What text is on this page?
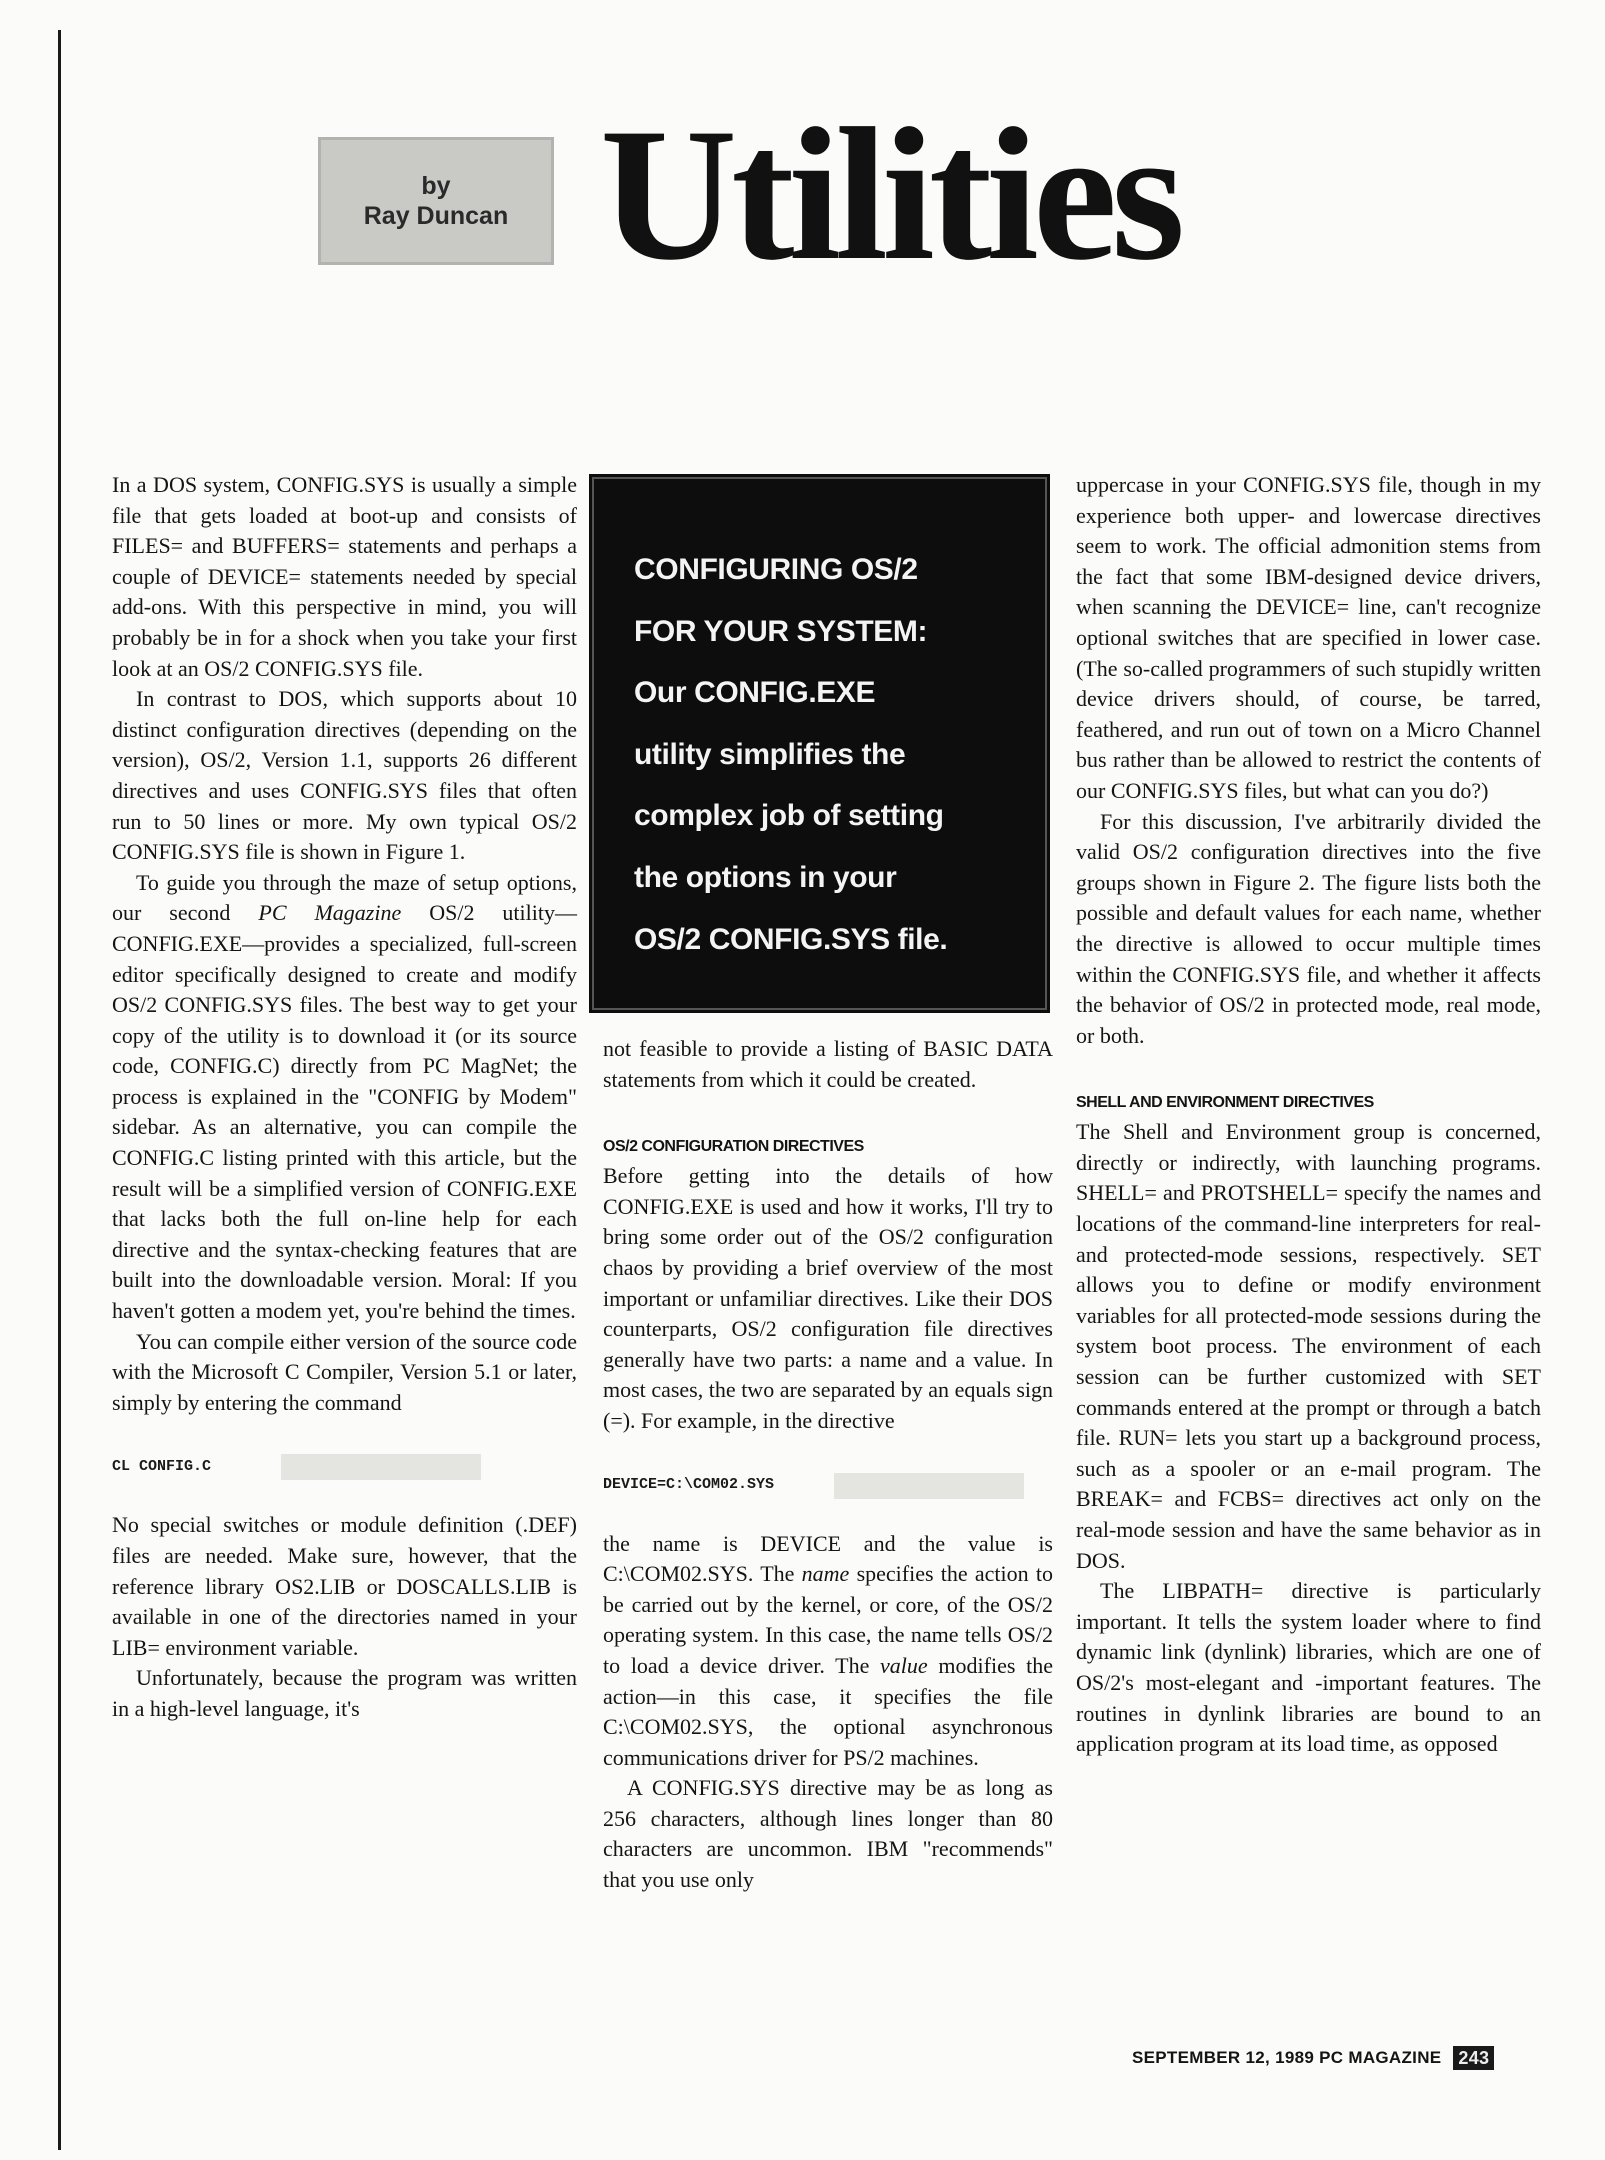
by
Ray Duncan Utilities

In a DOS system, CONFIG.SYS is usually a simple file that gets loaded at boot-up and consists of FILES= and BUFFERS= statements and perhaps a couple of DEVICE= statements needed by special add-ons. With this perspective in mind, you will probably be in for a shock when you take your first look at an OS/2 CONFIG.SYS file.

In contrast to DOS, which supports about 10 distinct configuration directives (depending on the version), OS/2, Version 1.1, supports 26 different directives and uses CONFIG.SYS files that often run to 50 lines or more. My own typical OS/2 CONFIG.SYS file is shown in Figure 1.

To guide you through the maze of setup options, our second PC Magazine OS/2 utility—CONFIG.EXE—provides a specialized, full-screen editor specifically designed to create and modify OS/2 CONFIG.SYS files. The best way to get your copy of the utility is to download it (or its source code, CONFIG.C) directly from PC MagNet; the process is explained in the "CONFIG by Modem" sidebar. As an alternative, you can compile the CONFIG.C listing printed with this article, but the result will be a simplified version of CONFIG.EXE that lacks both the full on-line help for each directive and the syntax-checking features that are built into the downloadable version. Moral: If you haven't gotten a modem yet, you're behind the times.

You can compile either version of the source code with the Microsoft C Compiler, Version 5.1 or later, simply by entering the command

CL CONFIG.C

No special switches or module definition (.DEF) files are needed. Make sure, however, that the reference library OS2.LIB or DOSCALLS.LIB is available in one of the directories named in your LIB= environment variable.

Unfortunately, because the program was written in a high-level language, it's

CONFIGURING OS/2
FOR YOUR SYSTEM:
Our CONFIG.EXE
utility simplifies the
complex job of setting
the options in your
OS/2 CONFIG.SYS file.

not feasible to provide a listing of BASIC DATA statements from which it could be created.

OS/2 CONFIGURATION DIRECTIVES

Before getting into the details of how CONFIG.EXE is used and how it works, I'll try to bring some order out of the OS/2 configuration chaos by providing a brief overview of the most important or unfamiliar directives. Like their DOS counterparts, OS/2 configuration file directives generally have two parts: a name and a value. In most cases, the two are separated by an equals sign (=). For example, in the directive

DEVICE=C:\COM02.SYS

the name is DEVICE and the value is C:\COM02.SYS. The name specifies the action to be carried out by the kernel, or core, of the OS/2 operating system. In this case, the name tells OS/2 to load a device driver. The value modifies the action—in this case, it specifies the file C:\COM02.SYS, the optional asynchronous communications driver for PS/2 machines.

A CONFIG.SYS directive may be as long as 256 characters, although lines longer than 80 characters are uncommon. IBM "recommends" that you use only

uppercase in your CONFIG.SYS file, though in my experience both upper- and lowercase directives seem to work. The official admonition stems from the fact that some IBM-designed device drivers, when scanning the DEVICE= line, can't recognize optional switches that are specified in lower case. (The so-called programmers of such stupidly written device drivers should, of course, be tarred, feathered, and run out of town on a Micro Channel bus rather than be allowed to restrict the contents of our CONFIG.SYS files, but what can you do?)

For this discussion, I've arbitrarily divided the valid OS/2 configuration directives into the five groups shown in Figure 2. The figure lists both the possible and default values for each name, whether the directive is allowed to occur multiple times within the CONFIG.SYS file, and whether it affects the behavior of OS/2 in protected mode, real mode, or both.

SHELL AND ENVIRONMENT DIRECTIVES

The Shell and Environment group is concerned, directly or indirectly, with launching programs. SHELL= and PROTSHELL= specify the names and locations of the command-line interpreters for real- and protected-mode sessions, respectively. SET allows you to define or modify environment variables for all protected-mode sessions during the system boot process. The environment of each session can be further customized with SET commands entered at the prompt or through a batch file. RUN= lets you start up a background process, such as a spooler or an e-mail program. The BREAK= and FCBS= directives act only on the real-mode session and have the same behavior as in DOS.

The LIBPATH= directive is particularly important. It tells the system loader where to find dynamic link (dynlink) libraries, which are one of OS/2's most-elegant and -important features. The routines in dynlink libraries are bound to an application program at its load time, as opposed

SEPTEMBER 12, 1989 PC MAGAZINE 243
